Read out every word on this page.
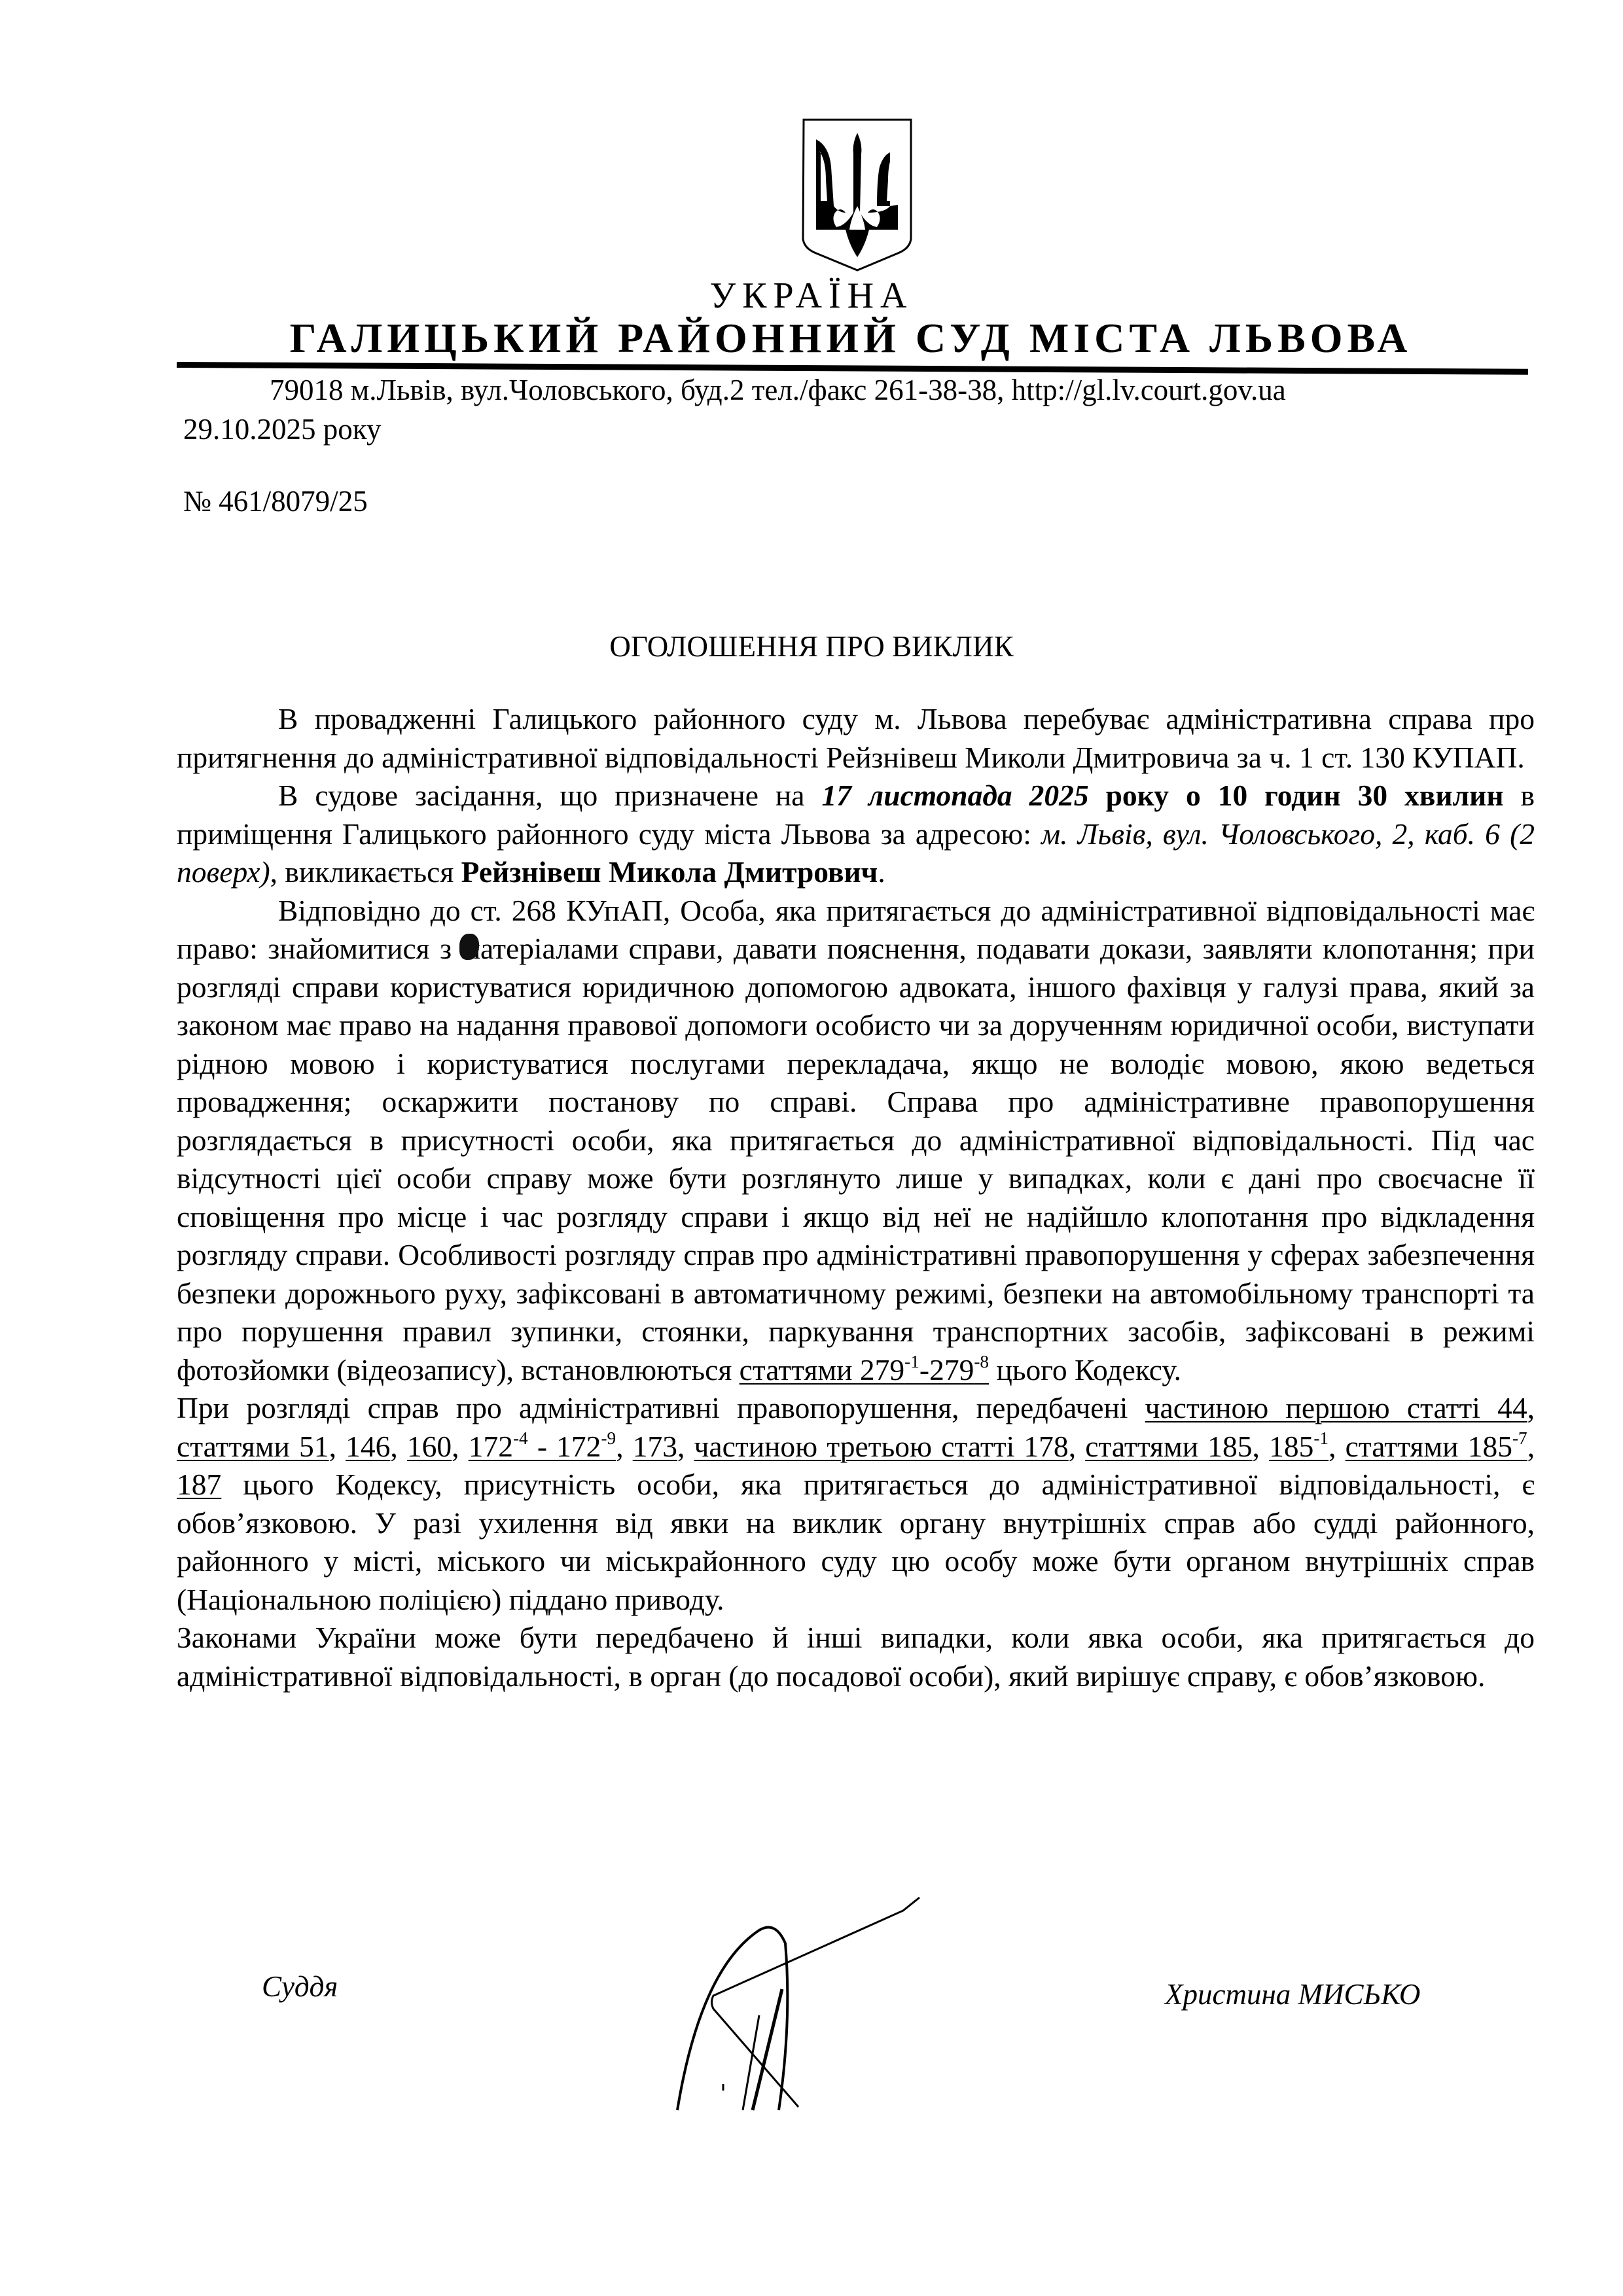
УКРАЇНА
ГАЛИЦЬКИЙ РАЙОННИЙ СУД МІСТА ЛЬВОВА
79018 м.Львів, вул.Чоловського, буд.2 тел./факс 261-38-38, http://gl.lv.court.gov.ua
29.10.2025 року
№ 461/8079/25
ОГОЛОШЕННЯ ПРО ВИКЛИК

В провадженні Галицького районного суду м. Львова перебуває адміністративна справа про притягнення до адміністративної відповідальності Рейзнівеш Миколи Дмитровича за ч. 1 ст. 130 КУПАП.

В судове засідання, що призначене на 17 листопада 2025 року о 10 годин 30 хвилин в приміщення Галицького районного суду міста Львова за адресою: м. Львів, вул. Чоловського, 2, каб. 6 (2 поверх), викликається Рейзнівеш Микола Дмитрович.

Відповідно до ст. 268 КУпАП, Особа, яка притягається до адміністративної відповідальності має право: знайомитися з матеріалами справи, давати пояснення, подавати докази, заявляти клопотання; при розгляді справи користуватися юридичною допомогою адвоката, іншого фахівця у галузі права, який за законом має право на надання правової допомоги особисто чи за дорученням юридичної особи, виступати рідною мовою і користуватися послугами перекладача, якщо не володіє мовою, якою ведеться провадження; оскаржити постанову по справі. Справа про адміністративне правопорушення розглядається в присутності особи, яка притягається до адміністративної відповідальності. Під час відсутності цієї особи справу може бути розглянуто лише у випадках, коли є дані про своєчасне її сповіщення про місце і час розгляду справи і якщо від неї не надійшло клопотання про відкладення розгляду справи. Особливості розгляду справ про адміністративні правопорушення у сферах забезпечення безпеки дорожнього руху, зафіксовані в автоматичному режимі, безпеки на автомобільному транспорті та про порушення правил зупинки, стоянки, паркування транспортних засобів, зафіксовані в режимі фотозйомки (відеозапису), встановлюються статтями $279^{-1}-279^{-8}$ цього Кодексу.

При розгляді справ про адміністративні правопорушення, передбачені частиною першою статті 44, статтями 51, 146, 160, $172^{-4} - 172^{-9}$, 173, частиною третьою статті 178, статтями 185, $185^{-1}$, статтями $185^{-7}$, 187 цього Кодексу, присутність особи, яка притягається до адміністративної відповідальності, є обов’язковою. У разі ухилення від явки на виклик органу внутрішніх справ або судді районного, районного у місті, міського чи міськрайонного суду цю особу може бути органом внутрішніх справ (Національною поліцією) піддано приводу.

Законами України може бути передбачено й інші випадки, коли явка особи, яка притягається до адміністративної відповідальності, в орган (до посадової особи), який вирішує справу, є обов’язковою.

Суддя	Христина МИСЬКО
